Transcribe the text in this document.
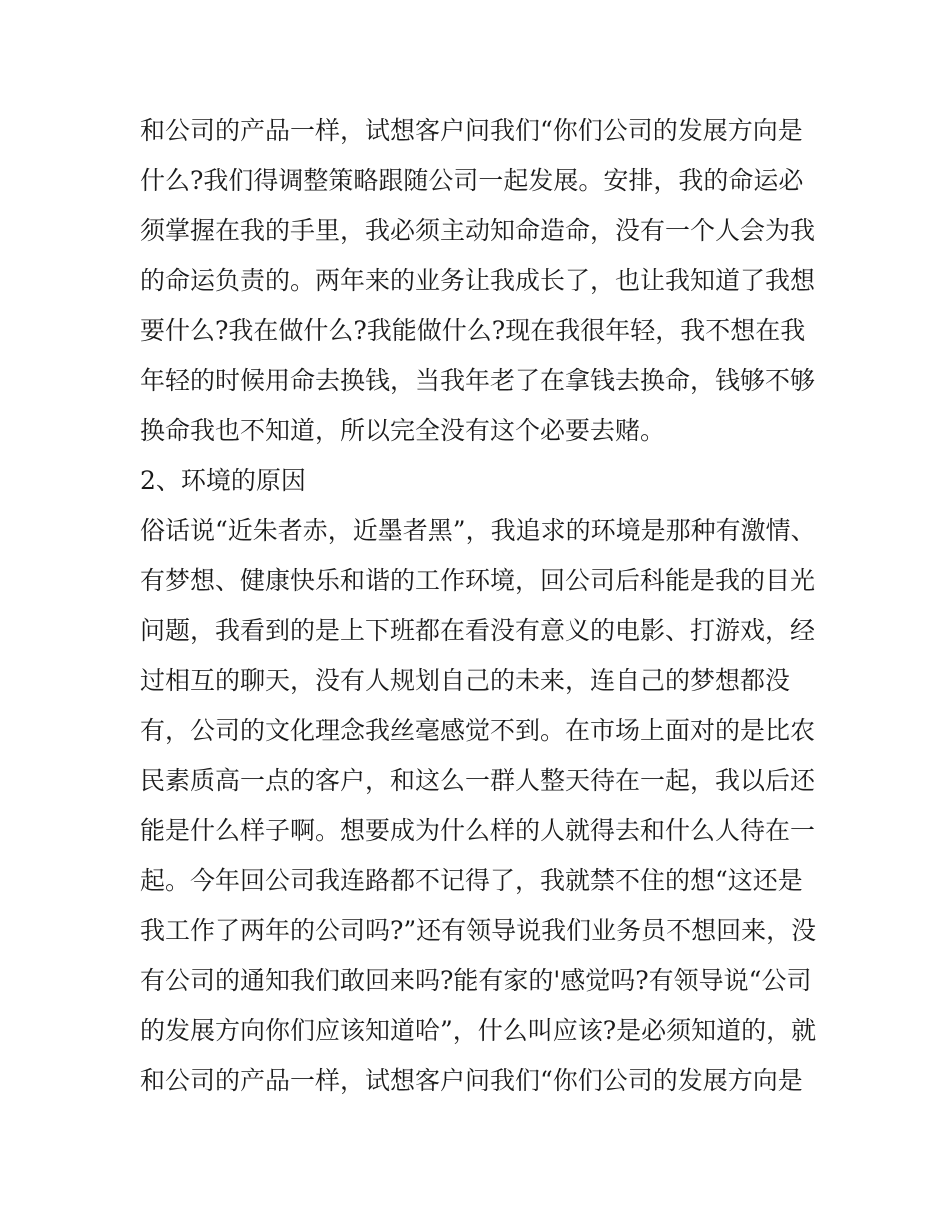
和公司的产品一样，试想客户问我们“你们公司的发展方向是
什么?我们得调整策略跟随公司一起发展。安排，我的命运必
须掌握在我的手里，我必须主动知命造命，没有一个人会为我
的命运负责的。两年来的业务让我成长了，也让我知道了我想
要什么?我在做什么?我能做什么?现在我很年轻，我不想在我
年轻的时候用命去换钱，当我年老了在拿钱去换命，钱够不够
换命我也不知道，所以完全没有这个必要去赌。
2、环境的原因
俗话说“近朱者赤，近墨者黑”，我追求的环境是那种有激情、
有梦想、健康快乐和谐的工作环境，回公司后科能是我的目光
问题，我看到的是上下班都在看没有意义的电影、打游戏，经
过相互的聊天，没有人规划自己的未来，连自己的梦想都没
有，公司的文化理念我丝毫感觉不到。在市场上面对的是比农
民素质高一点的客户，和这么一群人整天待在一起，我以后还
能是什么样子啊。想要成为什么样的人就得去和什么人待在一
起。今年回公司我连路都不记得了，我就禁不住的想“这还是
我工作了两年的公司吗?”还有领导说我们业务员不想回来，没
有公司的通知我们敢回来吗?能有家的'感觉吗?有领导说“公司
的发展方向你们应该知道哈”，什么叫应该?是必须知道的，就
和公司的产品一样，试想客户问我们“你们公司的发展方向是
